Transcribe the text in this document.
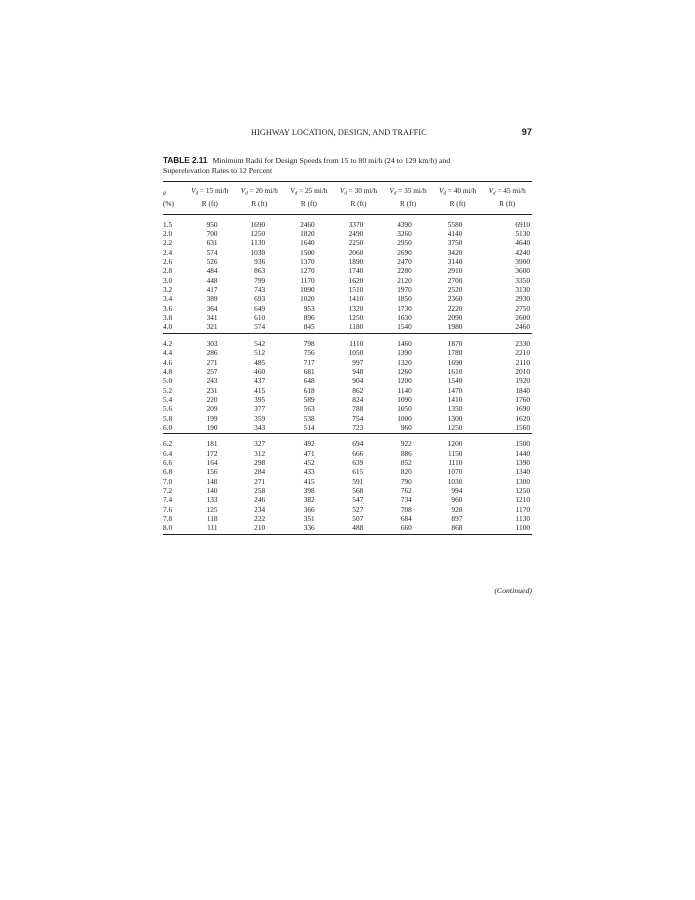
HIGHWAY LOCATION, DESIGN, AND TRAFFIC	97
TABLE 2.11 Minimum Radii for Design Speeds from 15 to 80 mi/h (24 to 129 km/h) and
Superelevation Rates to 12 Percent
e	$V_d = 15$ mi/h	$V_d = 20$ mi/h	$V_d = 25$ mi/h	$V_d = 30$ mi/h	$V_d = 35$ mi/h	$V_d = 40$ mi/h	$V_d = 45$ mi/h
(%)	R (ft)	R (ft)	R (ft)	R (ft)	R (ft)	R (ft)	R (ft)
1.5	950	1690	2460	3370	4390	5580	6910
2.0	700	1250	1820	2490	3260	4140	5130
2.2	631	1130	1640	2250	2950	3750	4640
2.4	574	1030	1500	2060	2690	3420	4240
2.6	526	936	1370	1890	2470	3140	3900
2.8	484	863	1270	1740	2280	2910	3600
3.0	448	799	1170	1620	2120	2700	3350
3.2	417	743	1090	1510	1970	2520	3130
3.4	389	693	1020	1410	1850	2360	2930
3.6	364	649	953	1320	1730	2220	2750
3.8	341	610	896	1250	1630	2090	2600
4.0	321	574	845	1180	1540	1980	2460
4.2	303	542	798	1110	1460	1870	2330
4.4	286	512	756	1050	1390	1780	2210
4.6	271	485	717	997	1320	1690	2110
4.8	257	460	681	948	1260	1610	2010
5.0	243	437	648	904	1200	1540	1920
5.2	231	415	618	862	1140	1470	1840
5.4	220	395	589	824	1090	1410	1760
5.6	209	377	563	788	1050	1350	1690
5.8	199	359	538	754	1000	1300	1620
6.0	190	343	514	723	960	1250	1560
6.2	181	327	492	694	922	1200	1500
6.4	172	312	471	666	886	1150	1440
6.6	164	298	452	639	852	1110	1390
6.8	156	284	433	615	820	1070	1340
7.0	148	271	415	591	790	1030	1300
7.2	140	258	398	568	762	994	1250
7.4	133	246	382	547	734	960	1210
7.6	125	234	366	527	708	928	1170
7.8	118	222	351	507	684	897	1130
8.0	111	210	336	488	660	868	1100
(Continued)
